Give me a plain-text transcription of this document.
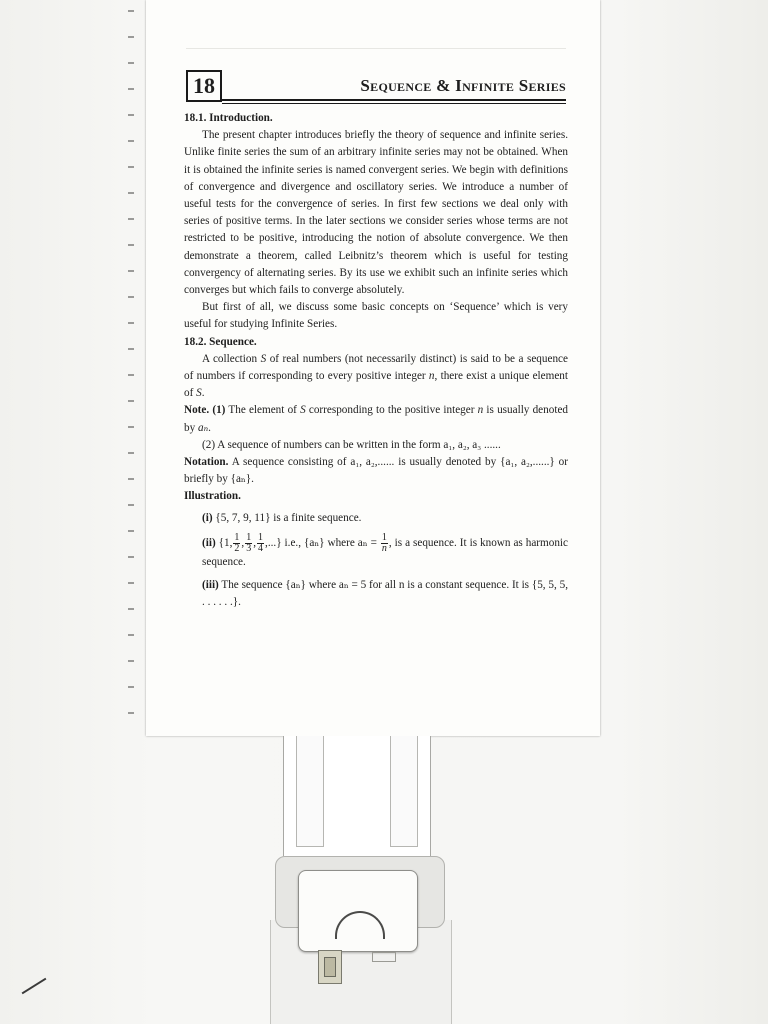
18	Sequence & Infinite Series

18.1. Introduction.

The present chapter introduces briefly the theory of sequence and infinite series. Unlike finite series the sum of an arbitrary infinite series may not be obtained. When it is obtained the infinite series is named convergent series. We begin with definitions of convergence and divergence and oscillatory series. We introduce a number of useful tests for the convergence of series. In first few sections we deal only with series of positive terms. In the later sections we consider series whose terms are not restricted to be positive, introducing the notion of absolute convergence. We then demonstrate a theorem, called Leibnitz’s theorem which is useful for testing convergency of alternating series. By its use we exhibit such an infinite series which converges but which fails to converge absolutely.

But first of all, we discuss some basic concepts on ‘Sequence’ which is very useful for studying Infinite Series.

18.2. Sequence.

A collection S of real numbers (not necessarily distinct) is said to be a sequence of numbers if corresponding to every positive integer n, there exist a unique element of S.

Note. (1) The element of S corresponding to the positive integer n is usually denoted by aₙ.

(2) A sequence of numbers can be written in the form a₁, a₂, a₃ ......

Notation. A sequence consisting of a₁, a₂,...... is usually denoted by {a₁, a₂,......} or briefly by {aₙ}.

Illustration.

(i) {5, 7, 9, 11} is a finite sequence.

(ii) {1, $\frac{1}{2}$ , $\frac{1}{3}$ , $\frac{1}{4}$ ,...} i.e., {aₙ} where $a_n = \frac{1}{n}$ , is a sequence. It is known as harmonic sequence.

(iii) The sequence {aₙ} where aₙ = 5 for all n is a constant sequence. It is {5, 5, 5, . . . . . .}.
